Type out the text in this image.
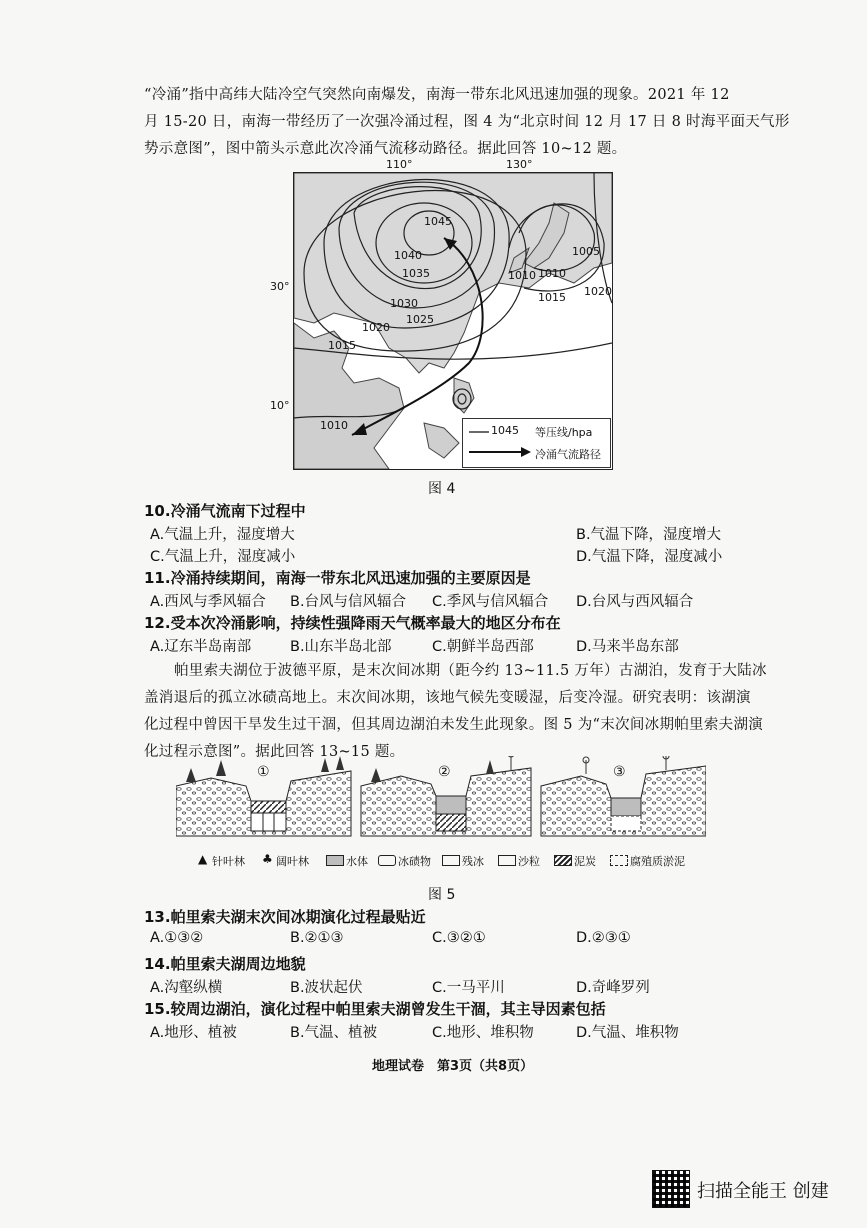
“冷涌”指中高纬大陆冷空气突然向南爆发，南海一带东北风迅速加强的现象。2021 年 12
月 15-20 日，南海一带经历了一次强冷涌过程，图 4 为“北京时间 12 月 17 日 8 时海平面天气形
势示意图”，图中箭头示意此次冷涌气流移动路径。据此回答 10~12 题。
110°	130°
30°
10°
1045
1040
1035
1030
1025
1020
1015
1010
1010
1005
1010
1015 1020
1045 等压线/hpa
冷涌气流路径
图 4
10.冷涌气流南下过程中
A.气温上升，湿度增大	B.气温下降，湿度增大
C.气温上升，湿度减小	D.气温下降，湿度减小
11.冷涌持续期间，南海一带东北风迅速加强的主要原因是
A.西风与季风辐合 B.台风与信风辐合 C.季风与信风辐合 D.台风与西风辐合
12.受本次冷涌影响，持续性强降雨天气概率最大的地区分布在
A.辽东半岛南部	B.山东半岛北部	C.朝鲜半岛西部	D.马来半岛东部
帕里索夫湖位于波德平原，是末次间冰期（距今约 13~11.5 万年）古湖泊，发育于大陆冰
盖消退后的孤立冰碛高地上。末次间冰期，该地气候先变暖湿，后变冷湿。研究表明：该湖演
化过程中曾因干旱发生过干涸，但其周边湖泊未发生此现象。图 5 为“末次间冰期帕里索夫湖演
化过程示意图”。据此回答 13~15 题。
①	②	③
▲ 针叶林 ♣ 阔叶林	水体	冰碛物	残冰	沙粒	泥炭	腐殖质淤泥
图 5
13.帕里索夫湖末次间冰期演化过程最贴近
A.①③②	B.②①③	C.③②①	D.②③①
14.帕里索夫湖周边地貌
A.沟壑纵横	B.波状起伏	C.一马平川	D.奇峰罗列
15.较周边湖泊，演化过程中帕里索夫湖曾发生干涸，其主导因素包括
A.地形、植被	B.气温、植被	C.地形、堆积物	D.气温、堆积物
地理试卷　第3页（共8页）
扫描全能王 创建
